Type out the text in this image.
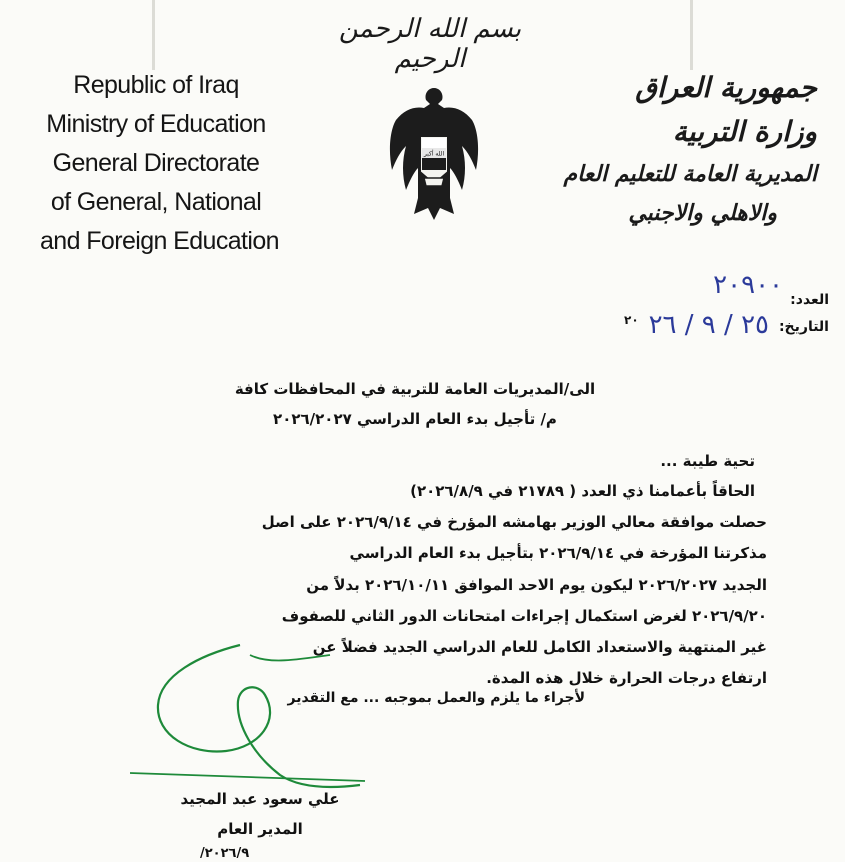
بسم الله الرحمن الرحيم
Republic of Iraq
Ministry of Education
General Directorate
of General, National
and Foreign Education
الله أكبر
جمهورية العراق
وزارة التربية
المديرية العامة للتعليم العام
والاهلي والاجنبي
العدد:
٢٠٩٠٠
التاريخ:
٢٠ ٢٥ / ٩ / ٢٦
الى/المديريات العامة للتربية في المحافظات كافة
م/ تأجيل بدء العام الدراسي ٢٠٢٦/٢٠٢٧
تحية طيبة ...
الحاقاً بأعمامنا ذي العدد ( ٢١٧٨٩ في ٢٠٢٦/٨/٩)
حصلت موافقة معالي الوزير بهامشه المؤرخ في ٢٠٢٦/٩/١٤ على اصل
مذكرتنا المؤرخة في ٢٠٢٦/٩/١٤ بتأجيل بدء العام الدراسي
الجديد ٢٠٢٦/٢٠٢٧ ليكون يوم الاحد الموافق ٢٠٢٦/١٠/١١ بدلاً من
٢٠٢٦/٩/٢٠ لغرض استكمال إجراءات امتحانات الدور الثاني للصفوف
غير المنتهية والاستعداد الكامل للعام الدراسي الجديد فضلاً عن
ارتفاع درجات الحرارة خلال هذه المدة.
لأجراء ما يلزم والعمل بموجبه ... مع التقدير
علي سعود عبد المجيد
المدير العام
٢٠٢٦/٩/
